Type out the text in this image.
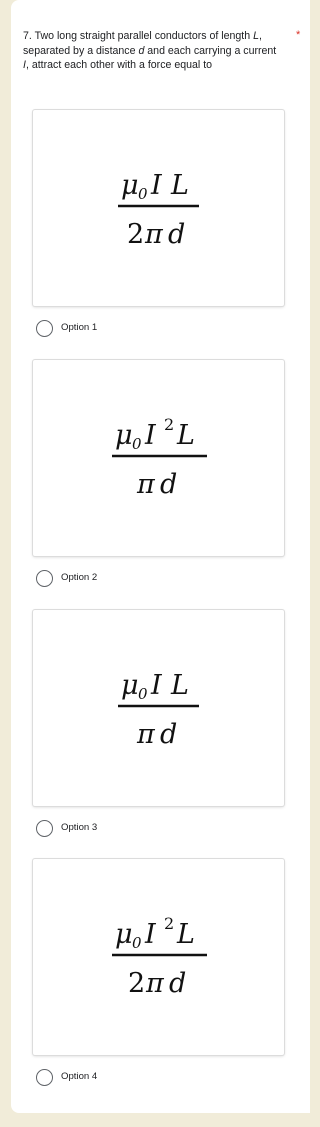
7. Two long straight parallel conductors of length L, separated by a distance d and each carrying a current I, attract each other with a force equal to
*
μ 0 I L
2 π d
Option 1
μ 0 I 2 L
π d
Option 2
μ 0 I L
π d
Option 3
μ 0 I 2 L
2 π d
Option 4
